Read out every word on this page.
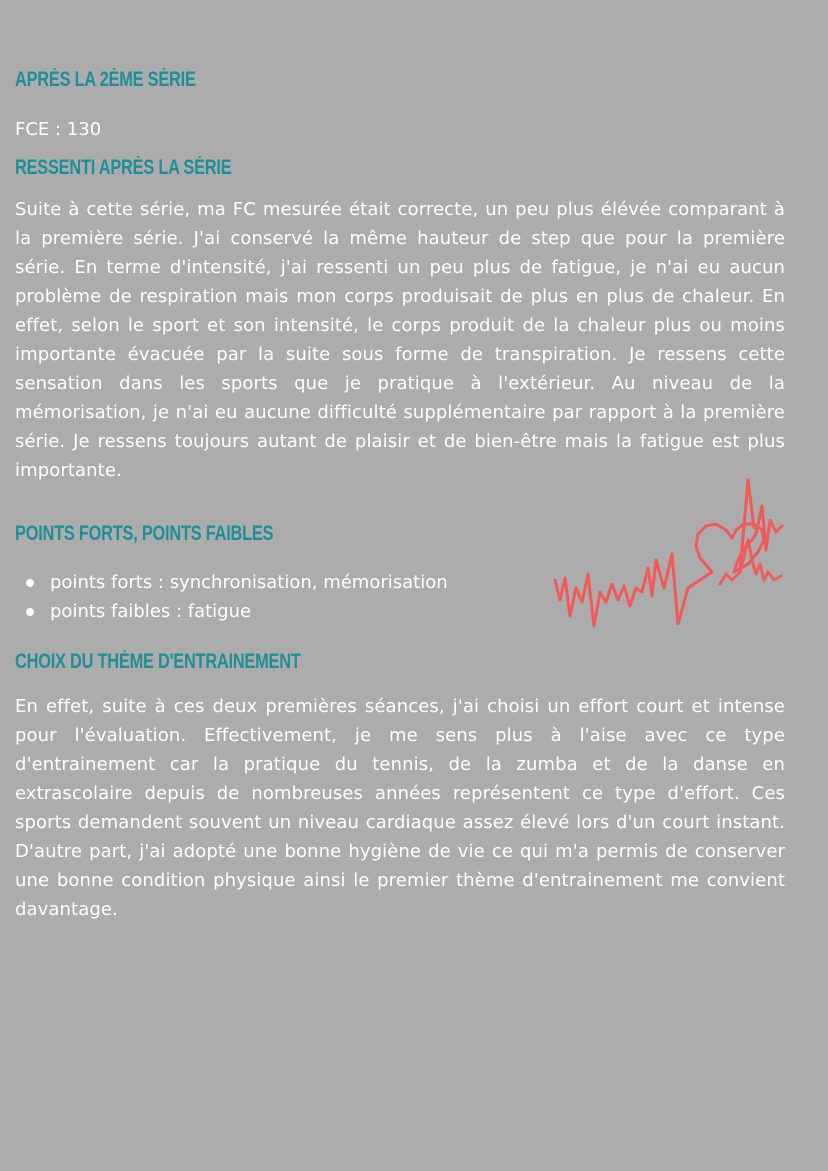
APRÈS LA 2ÈME SÉRIE

FCE : 130

RESSENTI APRÈS LA SÉRIE

Suite à cette série, ma FC mesurée était correcte, un peu plus élévée comparant à la première série. J'ai conservé la même hauteur de step que pour la première série. En terme d'intensité, j'ai ressenti un peu plus de fatigue, je n'ai eu aucun problème de respiration mais mon corps produisait de plus en plus de chaleur. En effet, selon le sport et son intensité, le corps produit de la chaleur plus ou moins importante évacuée par la suite sous forme de transpiration. Je ressens cette sensation dans les sports que je pratique à l'extérieur. Au niveau de la mémorisation, je n'ai eu aucune difficulté supplémentaire par rapport à la première série. Je ressens toujours autant de plaisir et de bien-être mais la fatigue est plus importante.

POINTS FORTS, POINTS FAIBLES
points forts : synchronisation, mémorisation
points faibles : fatigue
CHOIX DU THÈME D'ENTRAINEMENT

En effet, suite à ces deux premières séances, j'ai choisi un effort court et intense pour l'évaluation. Effectivement, je me sens plus à l'aise avec ce type d'entrainement car la pratique du tennis, de la zumba et de la danse en extrascolaire depuis de nombreuses années représentent ce type d'effort. Ces sports demandent souvent un niveau cardiaque assez élevé lors d'un court instant. D'autre part, j'ai adopté une bonne hygiène de vie ce qui m'a permis de conserver une bonne condition physique ainsi le premier thème d'entrainement me convient davantage.
